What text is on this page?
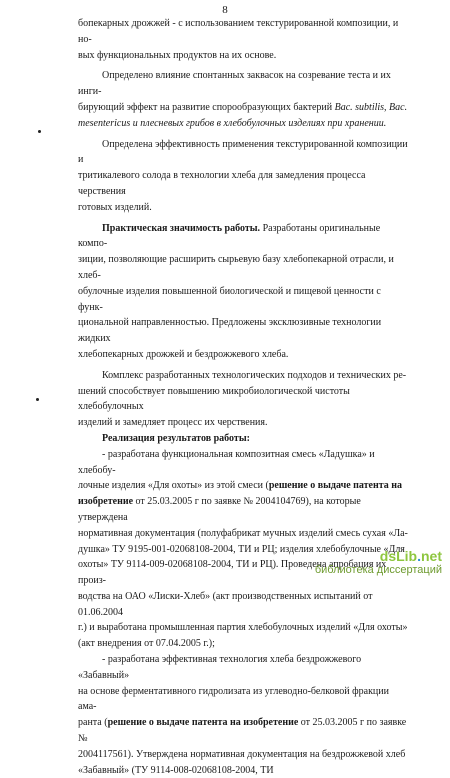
8

бопекарных дрожжей - с использованием текстурированной композиции, и но-

вых функциональных продуктов на их основе.

Определено влияние спонтанных заквасок на созревание теста и их инги-

бирующий эффект на развитие спорообразующих бактерий Bac. subtilis, Bac.

mesentericus и плесневых грибов в хлебобулочных изделиях при хранении.

Определена эффективность применения текстурированной композиции и

тритикалевого солода в технологии хлеба для замедления процесса черствения

готовых изделий.

Практическая значимость работы. Разработаны оригинальные компо-

зиции, позволяющие расширить сырьевую базу хлебопекарной отрасли, и хлеб-

обулочные изделия повышенной биологической и пищевой ценности с функ-

циональной направленностью. Предложены эксклюзивные технологии жидких

хлебопекарных дрожжей и бездрожжевого хлеба.

Комплекс разработанных технологических подходов и технических ре-

шений способствует повышению микробиологической чистоты хлебобулочных

изделий и замедляет процесс их черствения.

Реализация результатов работы:

- разработана функциональная композитная смесь «Ладушка» и хлебобу-

лочные изделия «Для охоты» из этой смеси (решение о выдаче патента на

изобретение от 25.03.2005 г по заявке № 2004104769), на которые утверждена

нормативная документация (полуфабрикат мучных изделий смесь сухая «Ла-

душка» ТУ 9195-001-02068108-2004, ТИ и РЦ; изделия хлебобулочные «Для

охоты» ТУ 9114-009-02068108-2004, ТИ и РЦ). Проведена апробация их произ-

водства на ОАО «Лиски-Хлеб» (акт производственных испытаний от 01.06.2004

г.) и выработана промышленная партия хлебобулочных изделий «Для охоты»

(акт внедрения от 07.04.2005 г.);

- разработана эффективная технология хлеба бездрожжевого «Забавный»

на основе ферментативного гидролизата из углеводно-белковой фракции ама-

ранта (решение о выдаче патента на изобретение от 25.03.2005 г по заявке №

2004117561). Утверждена нормативная документация на бездрожжевой хлеб

«Забавный» (ТУ 9114-008-02068108-2004, ТИ

dsLib.net
библиотека диссертаций
